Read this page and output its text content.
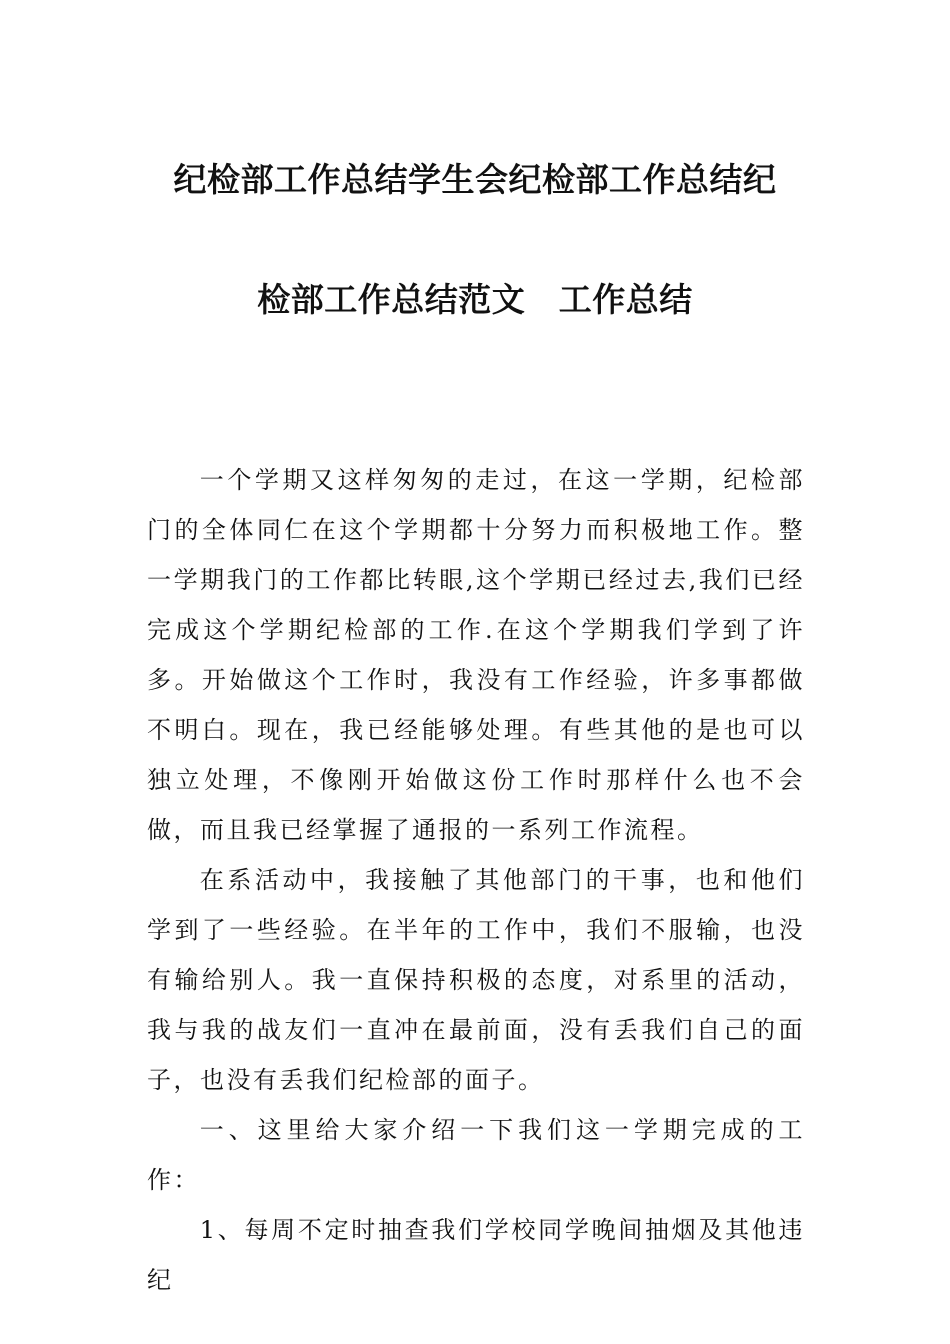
纪检部工作总结学生会纪检部工作总结纪
检部工作总结范文　工作总结

一个学期又这样匆匆的走过，在这一学期，纪检部门的全体同仁在这个学期都十分努力而积极地工作。整一学期我门的工作都比转眼,这个学期已经过去,我们已经完成这个学期纪检部的工作.在这个学期我们学到了许多。开始做这个工作时，我没有工作经验，许多事都做不明白。现在，我已经能够处理。有些其他的是也可以独立处理，不像刚开始做这份工作时那样什么也不会做，而且我已经掌握了通报的一系列工作流程。

在系活动中，我接触了其他部门的干事，也和他们学到了一些经验。在半年的工作中，我们不服输，也没有输给别人。我一直保持积极的态度，对系里的活动，我与我的战友们一直冲在最前面，没有丢我们自己的面子，也没有丢我们纪检部的面子。

一、这里给大家介绍一下我们这一学期完成的工作：

1、每周不定时抽查我们学校同学晚间抽烟及其他违纪
